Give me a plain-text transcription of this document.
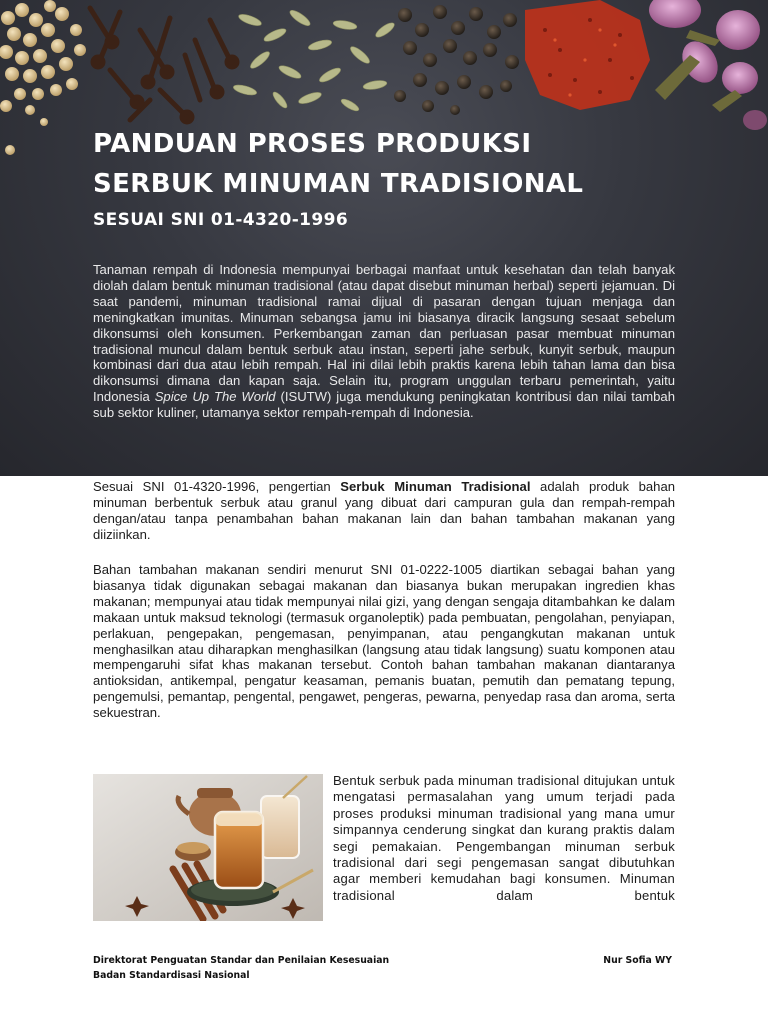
PANDUAN PROSES PRODUKSI
SERBUK MINUMAN TRADISIONAL
SESUAI SNI 01-4320-1996

Tanaman rempah di Indonesia mempunyai berbagai manfaat untuk kesehatan dan telah banyak diolah dalam bentuk minuman tradisional (atau dapat disebut minuman herbal) seperti jejamuan. Di saat pandemi, minuman tradisional ramai dijual di pasaran dengan tujuan menjaga dan meningkatkan imunitas. Minuman sebangsa jamu ini biasanya diracik langsung sesaat sebelum dikonsumsi oleh konsumen. Perkembangan zaman dan perluasan pasar membuat minuman tradisional muncul dalam bentuk serbuk atau instan, seperti jahe serbuk, kunyit serbuk, maupun kombinasi dari dua atau lebih rempah. Hal ini dilai lebih praktis karena lebih tahan lama dan bisa dikonsumsi dimana dan kapan saja. Selain itu, program unggulan terbaru pemerintah, yaitu Indonesia Spice Up The World (ISUTW) juga mendukung peningkatan kontribusi dan nilai tambah sub sektor kuliner, utamanya sektor rempah-rempah di Indonesia.

Sesuai SNI 01-4320-1996, pengertian Serbuk Minuman Tradisional adalah produk bahan minuman berbentuk serbuk atau granul yang dibuat dari campuran gula dan rempah-rempah dengan/atau tanpa penambahan bahan makanan lain dan bahan tambahan makanan yang diiziinkan.

Bahan tambahan makanan sendiri menurut SNI 01-0222-1005 diartikan sebagai bahan yang biasanya tidak digunakan sebagai makanan dan biasanya bukan merupakan ingredien khas makanan; mempunyai atau tidak mempunyai nilai gizi, yang dengan sengaja ditambahkan ke dalam makaan untuk maksud teknologi (termasuk organoleptik) pada pembuatan, pengolahan, penyiapan, perlakuan, pengepakan, pengemasan, penyimpanan, atau pengangkutan makanan untuk menghasilkan atau diharapkan menghasilkan (langsung atau tidak langsung) suatu komponen atau mempengaruhi sifat khas makanan tersebut. Contoh bahan tambahan makanan diantaranya antioksidan, antikempal, pengatur keasaman, pemanis buatan, pemutih dan pematang tepung, pengemulsi, pemantap, pengental, pengawet, pengeras, pewarna, penyedap rasa dan aroma, serta sekuestran.

Bentuk serbuk pada minuman tradisional ditujukan untuk mengatasi permasalahan yang umum terjadi pada proses produksi minuman tradisional yang mana umur simpannya cenderung singkat dan kurang praktis dalam segi pemakaian. Pengembangan minuman serbuk tradisional dari segi pengemasan sangat dibutuhkan agar memberi kemudahan bagi konsumen. Minuman tradisional dalam bentuk

Direktorat Penguatan Standar dan Penilaian Kesesuaian
Badan Standardisasi Nasional
Nur Sofia WY
